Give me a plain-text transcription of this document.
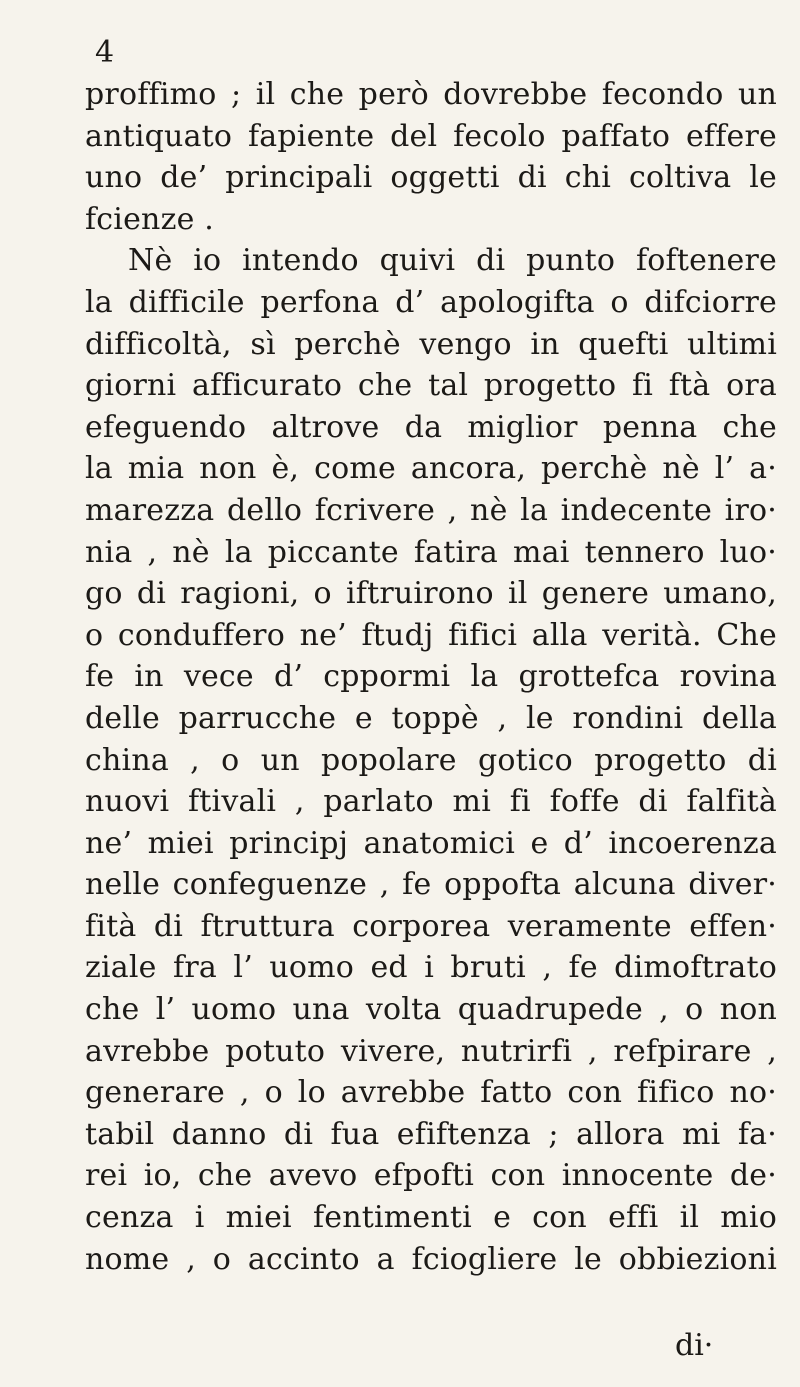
4
proffimo ; il che però dovrebbe fecondo un
antiquato fapiente del fecolo paffato effere
uno de’ principali oggetti di chi coltiva le
fcienze .
Nè io intendo quivi di punto foftenere
la difficile perfona d’ apologifta o difciorre
difficoltà, sì perchè vengo in quefti ultimi
giorni afficurato che tal progetto fi ftà ora
efeguendo altrove da miglior penna che
la mia non è, come ancora, perchè nè l’ a·
marezza dello fcrivere , nè la indecente iro·
nia , nè la piccante fatira mai tennero luo·
go di ragioni, o iftruirono il genere umano,
o conduffero ne’ ftudj fifici alla verità. Che
fe in vece d’ cppormi la grottefca rovina
delle parrucche e toppè , le rondini della
china , o un popolare gotico progetto di
nuovi ftivali , parlato mi fi foffe di falfità
ne’ miei principj anatomici e d’ incoerenza
nelle confeguenze , fe oppofta alcuna diver·
fità di ftruttura corporea veramente effen·
ziale fra l’ uomo ed i bruti , fe dimoftrato
che l’ uomo una volta quadrupede , o non
avrebbe potuto vivere, nutrirfi , refpirare ,
generare , o lo avrebbe fatto con fifico no·
tabil danno di fua efiftenza ; allora mi fa·
rei io, che avevo efpofti con innocente de·
cenza i miei fentimenti e con effi il mio
nome , o accinto a fciogliere le obbiezioni
di·
